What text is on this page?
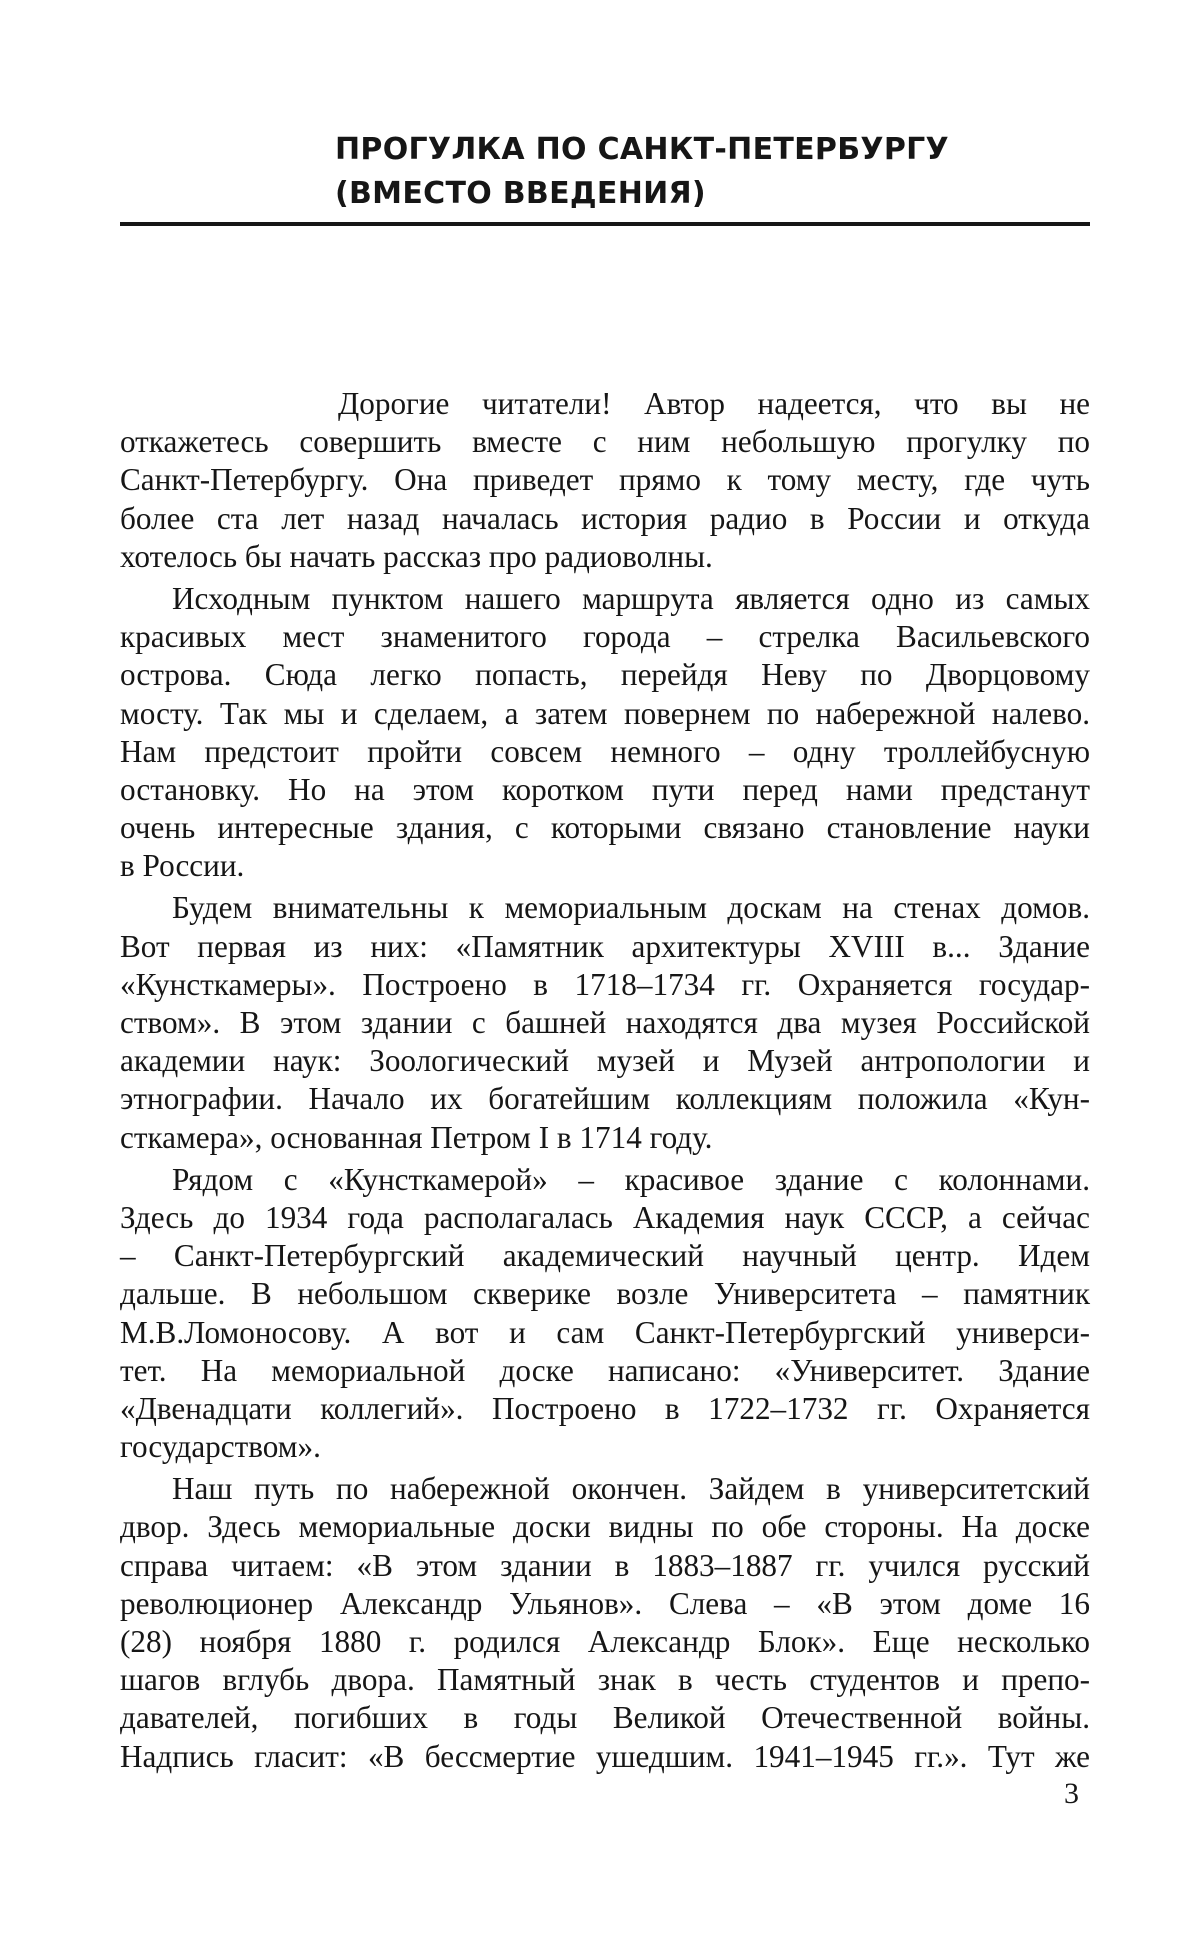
ПРОГУЛКА ПО САНКТ-ПЕТЕРБУРГУ
(ВМЕСТО ВВЕДЕНИЯ)
Дорогие читатели! Автор надеется, что вы не
откажетесь совершить вместе с ним небольшую прогулку по
Санкт-Петербургу. Она приведет прямо к тому месту, где чуть
более ста лет назад началась история радио в России и откуда
хотелось бы начать рассказ про радиоволны.
Исходным пунктом нашего маршрута является одно из самых
красивых мест знаменитого города – стрелка Васильевского
острова. Сюда легко попасть, перейдя Неву по Дворцовому
мосту. Так мы и сделаем, а затем повернем по набережной налево.
Нам предстоит пройти совсем немного – одну троллейбусную
остановку. Но на этом коротком пути перед нами предстанут
очень интересные здания, с которыми связано становление науки
в России.
Будем внимательны к мемориальным доскам на стенах домов.
Вот первая из них: «Памятник архитектуры XVIII в... Здание
«Кунсткамеры». Построено в 1718–1734 гг. Охраняется государ-
ством». В этом здании с башней находятся два музея Российской
академии наук: Зоологический музей и Музей антропологии и
этнографии. Начало их богатейшим коллекциям положила «Кун-
сткамера», основанная Петром I в 1714 году.
Рядом с «Кунсткамерой» – красивое здание с колоннами.
Здесь до 1934 года располагалась Академия наук СССР, а сейчас
– Санкт-Петербургский академический научный центр. Идем
дальше. В небольшом скверике возле Университета – памятник
М.В.Ломоносову. А вот и сам Санкт-Петербургский универси-
тет. На мемориальной доске написано: «Университет. Здание
«Двенадцати коллегий». Построено в 1722–1732 гг. Охраняется
государством».
Наш путь по набережной окончен. Зайдем в университетский
двор. Здесь мемориальные доски видны по обе стороны. На доске
справа читаем: «В этом здании в 1883–1887 гг. учился русский
революционер Александр Ульянов». Слева – «В этом доме 16
(28) ноября 1880 г. родился Александр Блок». Еще несколько
шагов вглубь двора. Памятный знак в честь студентов и препо-
давателей, погибших в годы Великой Отечественной войны.
Надпись гласит: «В бессмертие ушедшим. 1941–1945 гг.». Тут же
3
